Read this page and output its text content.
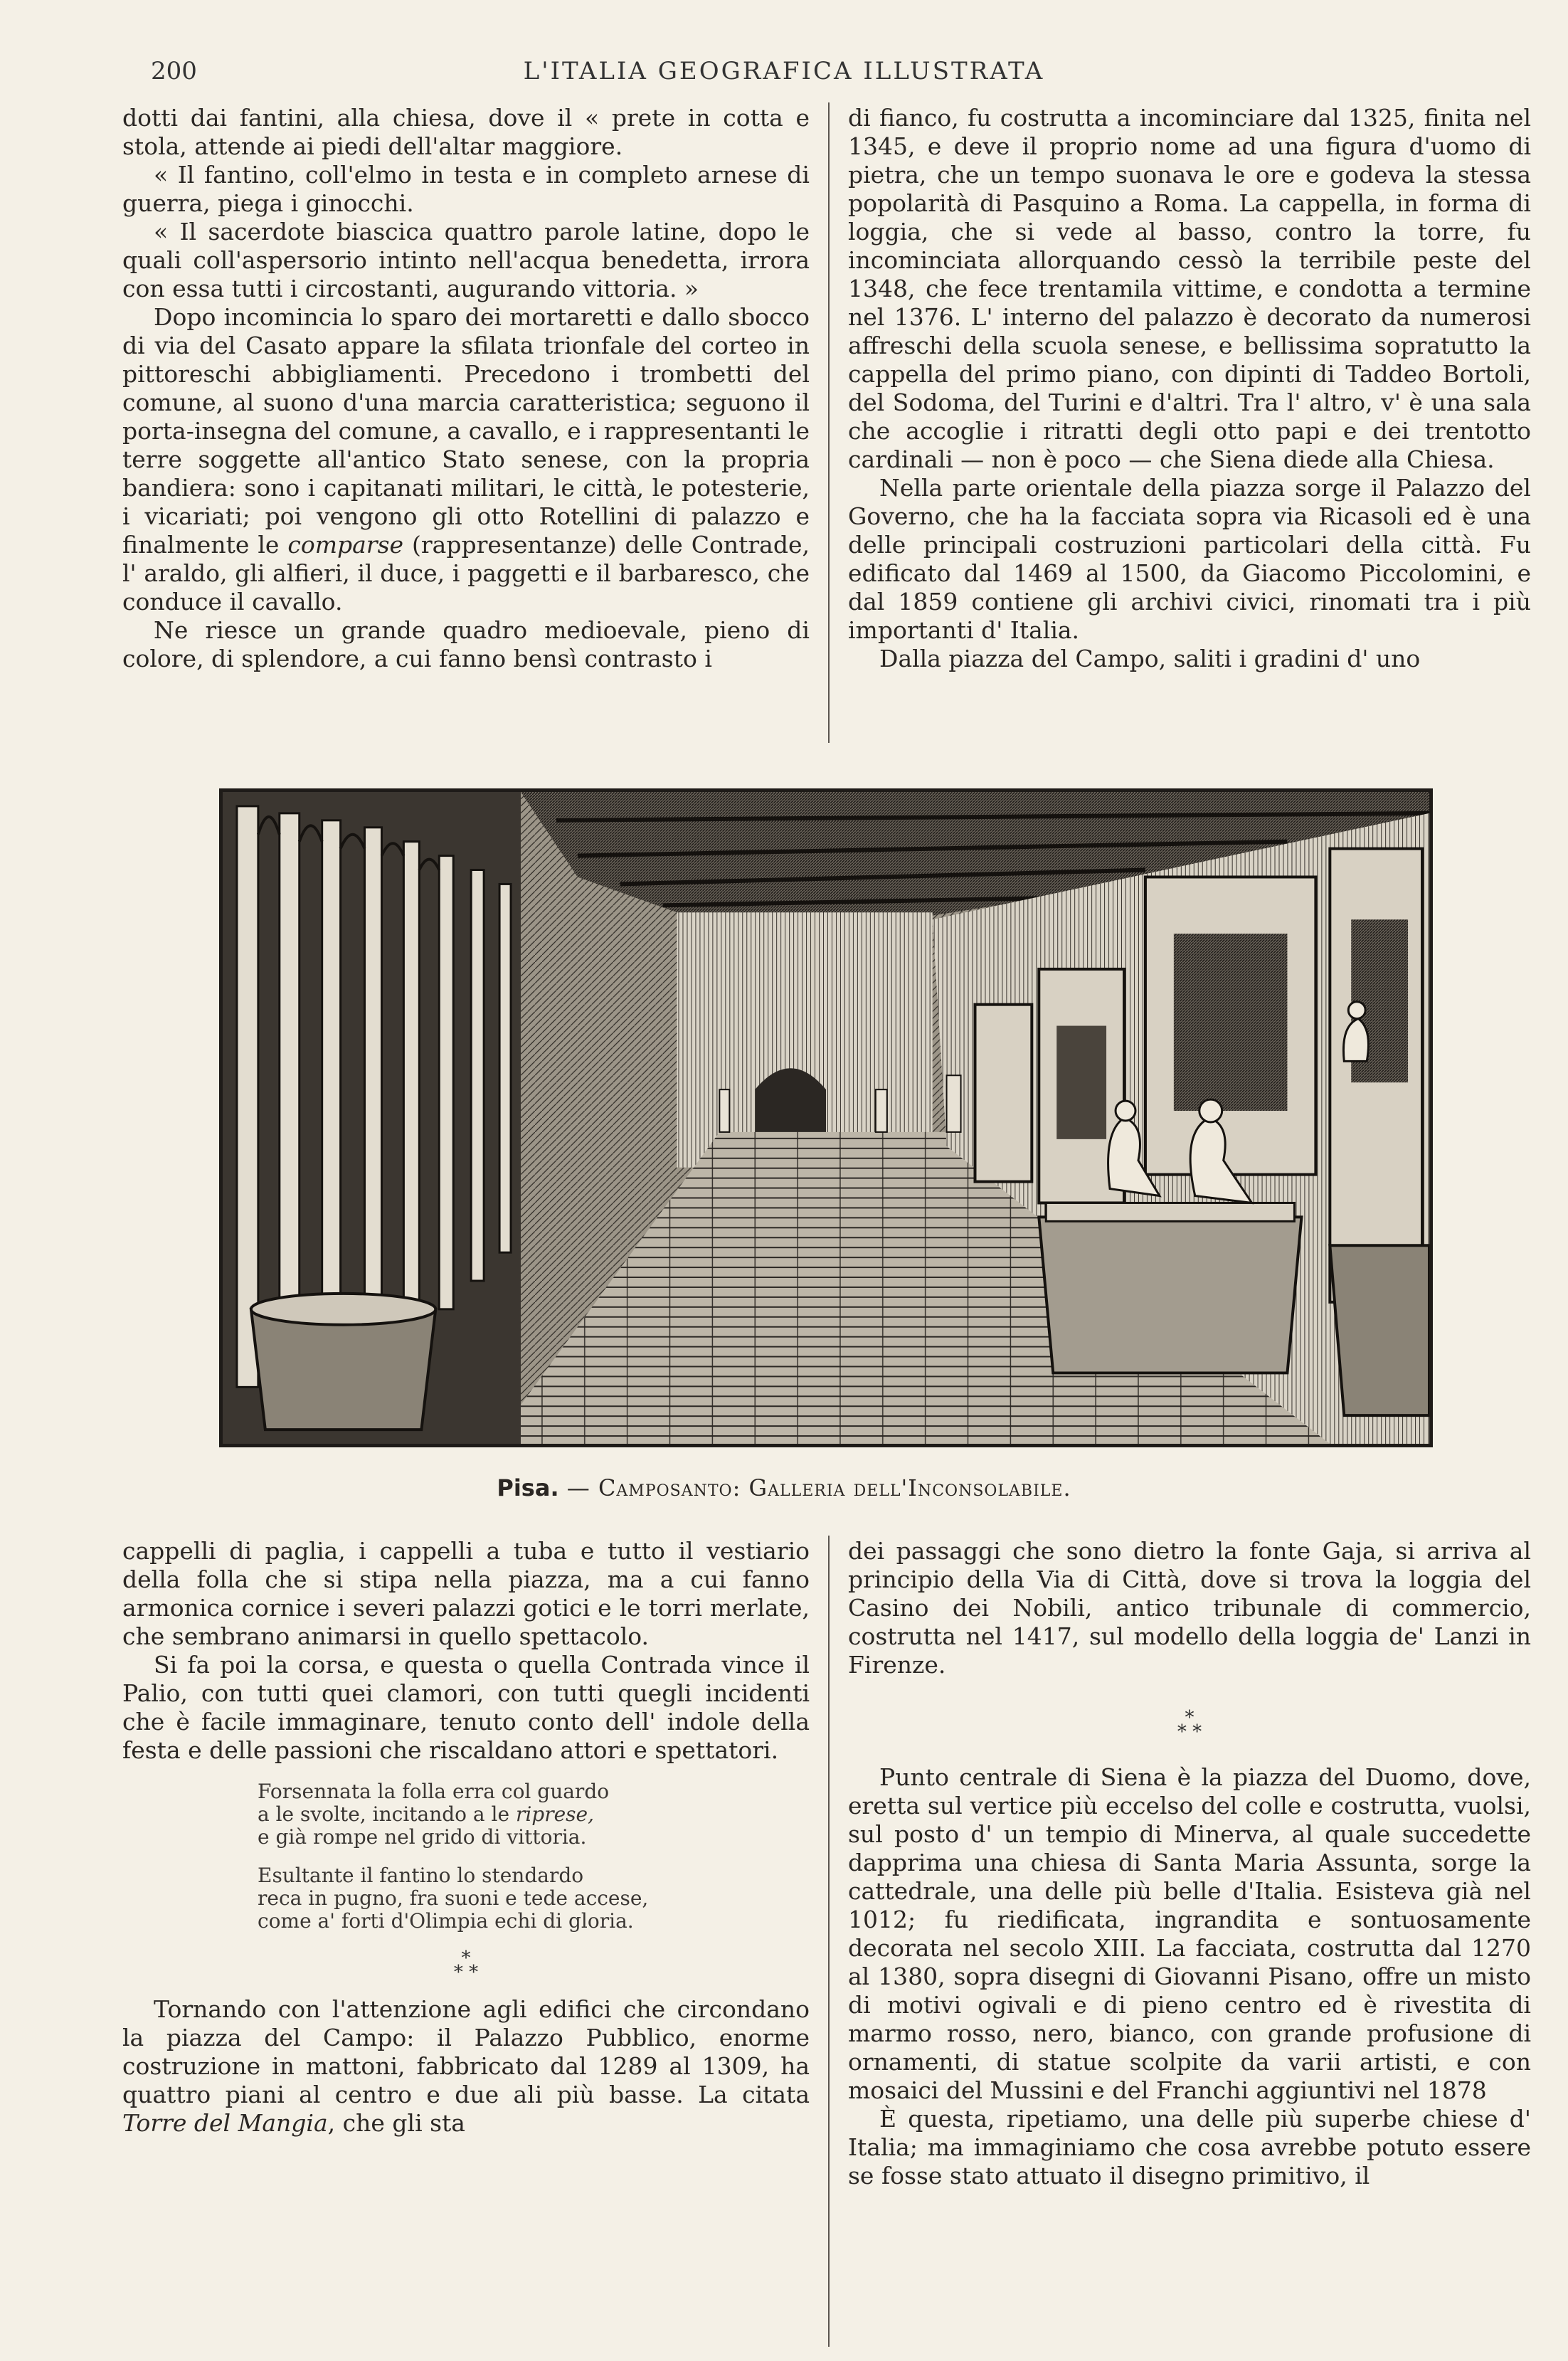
200	L'ITALIA GEOGRAFICA ILLUSTRATA

dotti dai fantini, alla chiesa, dove il « prete in cotta e stola, attende ai piedi dell'altar maggiore.

« Il fantino, coll'elmo in testa e in completo arnese di guerra, piega i ginocchi.

« Il sacerdote biascica quattro parole latine, dopo le quali coll'aspersorio intinto nell'acqua benedetta, irrora con essa tutti i circostanti, augurando vittoria. »

Dopo incomincia lo sparo dei mortaretti e dallo sbocco di via del Casato appare la sfilata trionfale del corteo in pittoreschi abbigliamenti. Precedono i trombetti del comune, al suono d'una marcia caratteristica; seguono il porta-insegna del comune, a cavallo, e i rappresentanti le terre soggette all'antico Stato senese, con la propria bandiera: sono i capitanati militari, le città, le potesterie, i vicariati; poi vengono gli otto Rotellini di palazzo e finalmente le comparse (rappresentanze) delle Contrade, l' araldo, gli alfieri, il duce, i paggetti e il barbaresco, che conduce il cavallo.

Ne riesce un grande quadro medioevale, pieno di colore, di splendore, a cui fanno bensì contrasto i

di fianco, fu costrutta a incominciare dal 1325, finita nel 1345, e deve il proprio nome ad una figura d'uomo di pietra, che un tempo suonava le ore e godeva la stessa popolarità di Pasquino a Roma. La cappella, in forma di loggia, che si vede al basso, contro la torre, fu incominciata allorquando cessò la terribile peste del 1348, che fece trentamila vittime, e condotta a termine nel 1376. L' interno del palazzo è decorato da numerosi affreschi della scuola senese, e bellissima sopratutto la cappella del primo piano, con dipinti di Taddeo Bortoli, del Sodoma, del Turini e d'altri. Tra l' altro, v' è una sala che accoglie i ritratti degli otto papi e dei trentotto cardinali — non è poco — che Siena diede alla Chiesa.

Nella parte orientale della piazza sorge il Palazzo del Governo, che ha la facciata sopra via Ricasoli ed è una delle principali costruzioni particolari della città. Fu edificato dal 1469 al 1500, da Giacomo Piccolomini, e dal 1859 contiene gli archivi civici, rinomati tra i più importanti d' Italia.

Dalla piazza del Campo, saliti i gradini d' uno

Pisa. — Camposanto: Galleria dell'Inconsolabile.

cappelli di paglia, i cappelli a tuba e tutto il vestiario della folla che si stipa nella piazza, ma a cui fanno armonica cornice i severi palazzi gotici e le torri merlate, che sembrano animarsi in quello spettacolo.

Si fa poi la corsa, e questa o quella Contrada vince il Palio, con tutti quei clamori, con tutti quegli incidenti che è facile immaginare, tenuto conto dell' indole della festa e delle passioni che riscaldano attori e spettatori.

Forsennata la folla erra col guardo
a le svolte, incitando a le riprese,
e già rompe nel grido di vittoria.
Esultante il fantino lo stendardo
reca in pugno, fra suoni e tede accese,
come a' forti d'Olimpia echi di gloria.
*
* *

Tornando con l'attenzione agli edifici che circondano la piazza del Campo: il Palazzo Pubblico, enorme costruzione in mattoni, fabbricato dal 1289 al 1309, ha quattro piani al centro e due ali più basse. La citata Torre del Mangia, che gli sta

dei passaggi che sono dietro la fonte Gaja, si arriva al principio della Via di Città, dove si trova la loggia del Casino dei Nobili, antico tribunale di commercio, costrutta nel 1417, sul modello della loggia de' Lanzi in Firenze.

*
* *

Punto centrale di Siena è la piazza del Duomo, dove, eretta sul vertice più eccelso del colle e costrutta, vuolsi, sul posto d' un tempio di Minerva, al quale succedette dapprima una chiesa di Santa Maria Assunta, sorge la cattedrale, una delle più belle d'Italia. Esisteva già nel 1012; fu riedificata, ingrandita e sontuosamente decorata nel secolo XIII. La facciata, costrutta dal 1270 al 1380, sopra disegni di Giovanni Pisano, offre un misto di motivi ogivali e di pieno centro ed è rivestita di marmo rosso, nero, bianco, con grande profusione di ornamenti, di statue scolpite da varii artisti, e con mosaici del Mussini e del Franchi aggiuntivi nel 1878

È questa, ripetiamo, una delle più superbe chiese d' Italia; ma immaginiamo che cosa avrebbe potuto essere se fosse stato attuato il disegno primitivo, il
